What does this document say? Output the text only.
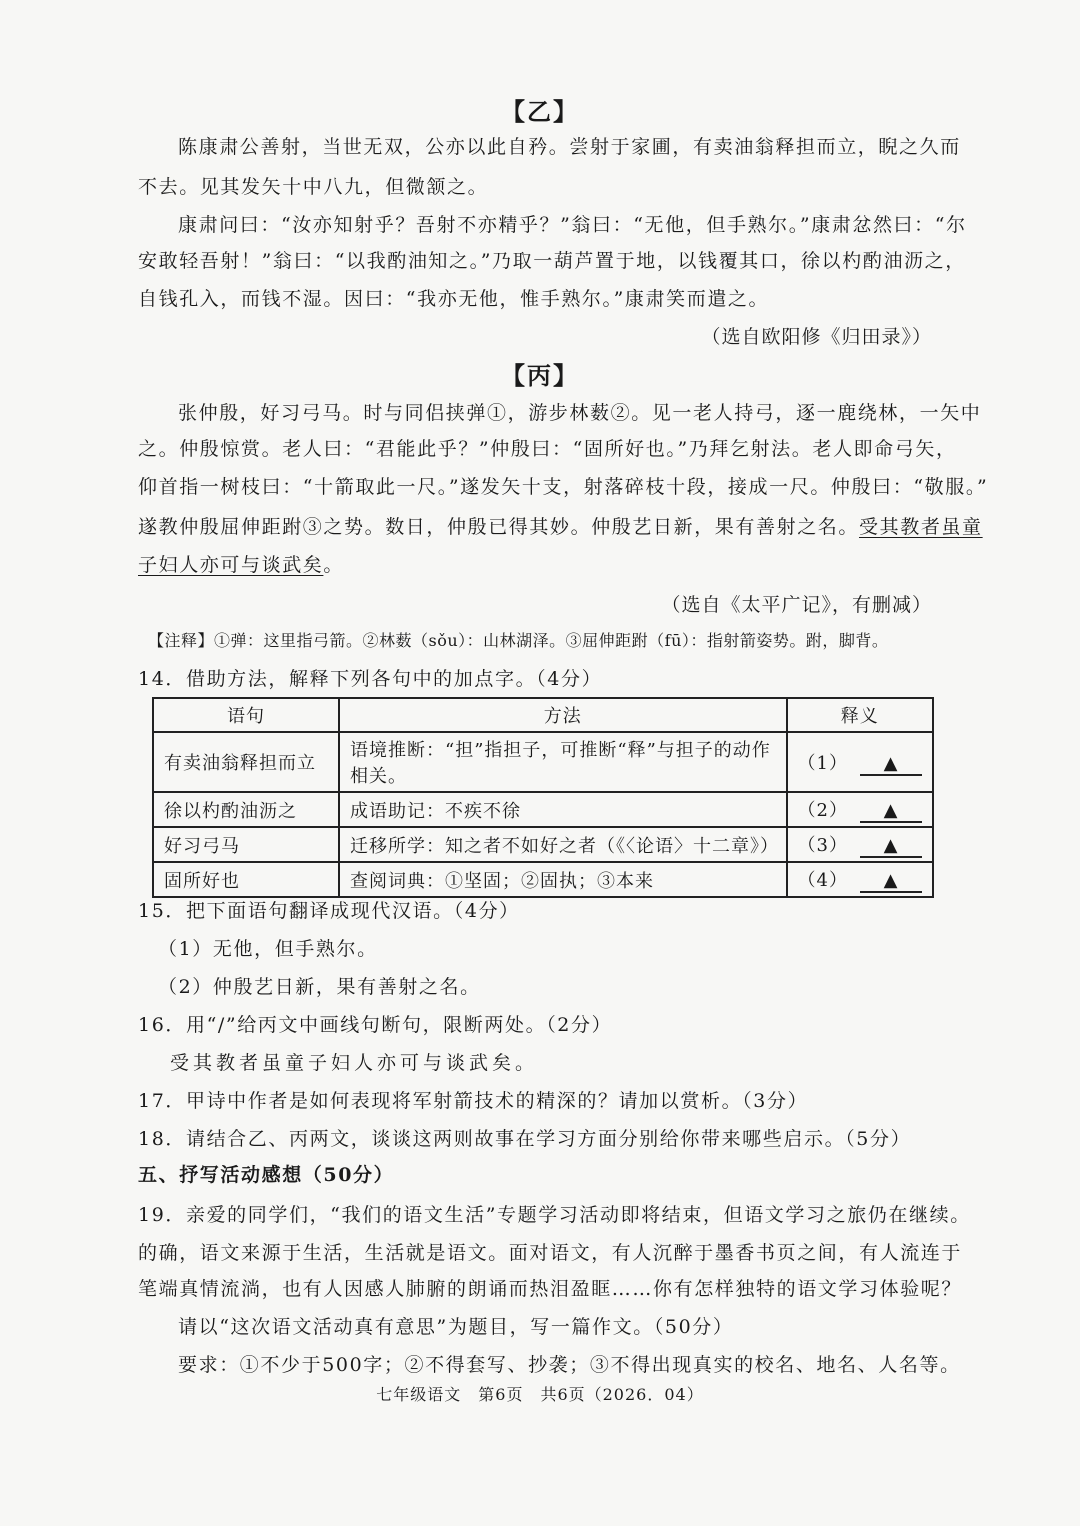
【乙】
陈康肃公善射，当世无双，公亦以此自矜。尝射于家圃，有卖油翁释担而立，睨之久而
不去。见其发矢十中八九，但微颔之。
康肃问曰：“汝亦知射乎？吾射不亦精乎？”翁曰：“无他，但手熟尔。”康肃忿然曰：“尔
安敢轻吾射！”翁曰：“以我酌油知之。”乃取一葫芦置于地，以钱覆其口，徐以杓酌油沥之，
自钱孔入，而钱不湿。因曰：“我亦无他，惟手熟尔。”康肃笑而遣之。
（选自欧阳修《归田录》）
【丙】
张仲殷，好习弓马。时与同侣挟弹①，游步林薮②。见一老人持弓，逐一鹿绕林，一矢中
之。仲殷惊赏。老人曰：“君能此乎？”仲殷曰：“固所好也。”乃拜乞射法。老人即命弓矢，
仰首指一树枝曰：“十箭取此一尺。”遂发矢十支，射落碎枝十段，接成一尺。仲殷曰：“敬服。”
遂教仲殷屈伸距跗③之势。数日，仲殷已得其妙。仲殷艺日新，果有善射之名。受其教者虽童
子妇人亦可与谈武矣。
（选自《太平广记》，有删减）
【注释】①弹：这里指弓箭。②林薮（sǒu）：山林湖泽。③屈伸距跗（fū）：指射箭姿势。跗，脚背。
14．借助方法，解释下列各句中的加点字。（4分）
语句	方法	释义
有卖油翁释担而立	语境推断：“担”指担子，可推断“释”与担子的动作相关。	（1） ▲
徐以杓酌油沥之	成语助记：不疾不徐	（2） ▲
好习弓马	迁移所学：知之者不如好之者（《〈论语〉十二章》）	（3） ▲
固所好也	查阅词典：①坚固；②固执；③本来	（4） ▲
15．把下面语句翻译成现代汉语。（4分）
（1）无他，但手熟尔。
（2）仲殷艺日新，果有善射之名。
16．用“/”给丙文中画线句断句，限断两处。（2分）
受其教者虽童子妇人亦可与谈武矣。
17．甲诗中作者是如何表现将军射箭技术的精深的？请加以赏析。（3分）
18．请结合乙、丙两文，谈谈这两则故事在学习方面分别给你带来哪些启示。（5分）
五、抒写活动感想（50分）
19．亲爱的同学们，“我们的语文生活”专题学习活动即将结束，但语文学习之旅仍在继续。
的确，语文来源于生活，生活就是语文。面对语文，有人沉醉于墨香书页之间，有人流连于
笔端真情流淌，也有人因感人肺腑的朗诵而热泪盈眶……你有怎样独特的语文学习体验呢？
请以“这次语文活动真有意思”为题目，写一篇作文。（50分）
要求：①不少于500字；②不得套写、抄袭；③不得出现真实的校名、地名、人名等。
七年级语文　第6页　共6页（2026．04）
